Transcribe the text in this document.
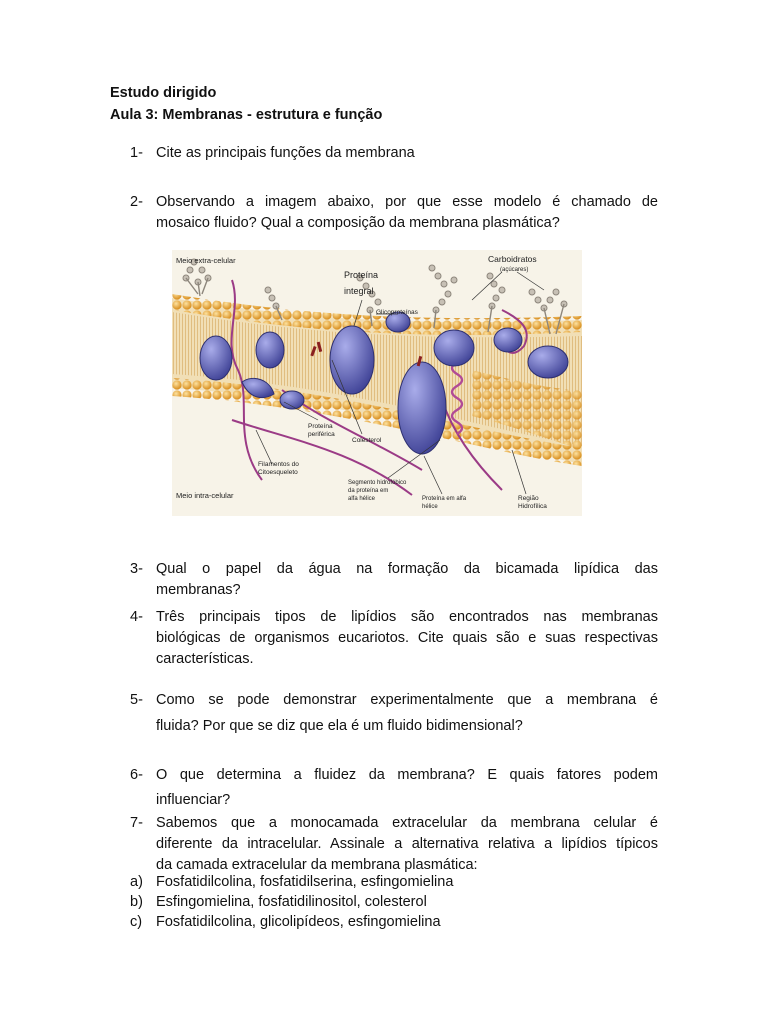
Estudo dirigido
Aula 3: Membranas - estrutura e função
1- Cite as principais funções da membrana
2- Observando a imagem abaixo, por que esse modelo é chamado de
mosaico fluido? Qual a composição da membrana plasmática?
Meio extra-celular
Proteína
integral
Glicoproteínas
Carboidratos
(açúcares)
Proteína
periférica
Colesterol
Filamentos do
Citoesqueleto
Meio intra-celular
Segmento hidrofóbico
da proteína em
alfa hélice	Proteína em alfa
hélice
Região
Hidrofílica
3- Qual o papel da água na formação da bicamada lipídica das
membranas?
4- Três principais tipos de lipídios são encontrados nas membranas
biológicas de organismos eucariotos. Cite quais são e suas respectivas
características.
5- Como se pode demonstrar experimentalmente que a membrana é
fluida? Por que se diz que ela é um fluido bidimensional?
6- O que determina a fluidez da membrana? E quais fatores podem
influenciar?
7- Sabemos que a monocamada extracelular da membrana celular é
diferente da intracelular. Assinale a alternativa relativa a lipídios típicos
da camada extracelular da membrana plasmática:
a) Fosfatidilcolina, fosfatidilserina, esfingomielina
b) Esfingomielina, fosfatidilinositol, colesterol
c) Fosfatidilcolina, glicolipídeos, esfingomielina
